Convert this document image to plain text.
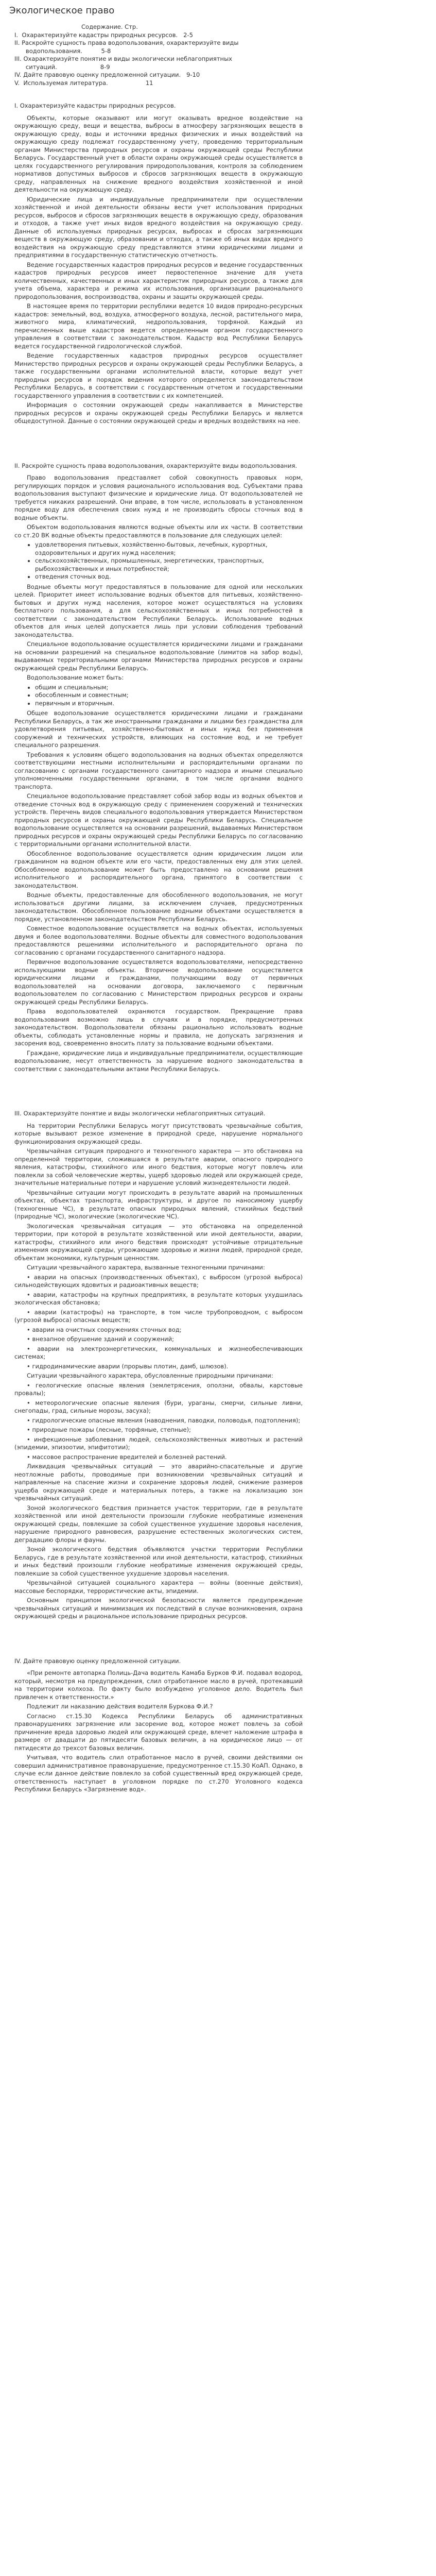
Экологическое право
Содержание. Стр.
I.  Охарактеризуйте кадастры природных ресурсов.   2-5
II. Раскройте сущность права водопользования, охарактеризуйте виды
водопользования.          5-8
III. Охарактеризуйте понятие и виды экологически неблагоприятных
ситуаций.                       8-9
IV. Дайте правовую оценку предложенной ситуации.   9-10
V.  Используемая литература.                    11
I. Охарактеризуйте кадастры природных ресурсов.

Объекты, которые оказывают или могут оказывать вредное воздействие на окружающую среду, вещи и вещества, выбросы в атмосферу загрязняющих веществ в окружающую среду, воды и источники вредных физических и иных воздействий на окружающую среду подлежат государственному учету, проведению территориальным органам Министерства природных ресурсов и охраны окружающей среды Республики Беларусь. Государственный учет в области охраны окружающей среды осуществляется в целях государственного регулирования природопользования, контроля за соблюдением нормативов допустимых выбросов и сбросов загрязняющих веществ в окружающую среду, направленных на снижение вредного воздействия хозяйственной и иной деятельности на окружающую среду.

Юридические лица и индивидуальные предприниматели при осуществлении хозяйственной и иной деятельности обязаны вести учет использования природных ресурсов, выбросов и сбросов загрязняющих веществ в окружающую среду, образования и отходов, а также учет иных видов вредного воздействия на окружающую среду. Данные об используемых природных ресурсах, выбросах и сбросах загрязняющих веществ в окружающую среду, образовании и отходах, а также об иных видах вредного воздействия на окружающую среду представляются этими юридическими лицами и предприятиями в государственную статистическую отчетность.

Ведение государственных кадастров природных ресурсов и ведение государственных кадастров природных ресурсов имеет первостепенное значение для учета количественных, качественных и иных характеристик природных ресурсов, а также для учета объема, характера и режима их использования, организации рационального природопользования, воспроизводства, охраны и защиты окружающей среды.

В настоящее время по территории республики ведется 10 видов природно-ресурсных кадастров: земельный, вод, воздуха, атмосферного воздуха, лесной, растительного мира, животного мира, климатический, недропользования, торфяной. Каждый из перечисленных выше кадастров ведется определенным органом государственного управления в соответствии с законодательством. Кадастр вод Республики Беларусь ведется государственной гидрологической службой.

Ведение государственных кадастров природных ресурсов осуществляет Министерство природных ресурсов и охраны окружающей среды Республики Беларусь, а также государственными органами исполнительной власти, которые ведут учет природных ресурсов и порядок ведения которого определяется законодательством Республики Беларусь, в соответствии с государственным отчетом и государственными государственного управления в соответствии с их компетенцией.

Информация о состоянии окружающей среды накапливается в Министерстве природных ресурсов и охраны окружающей среды Республики Беларусь и является общедоступной. Данные о состоянии окружающей среды и вредных воздействиях на нее.

II. Раскройте сущность права водопользования, охарактеризуйте виды водопользования.

Право водопользования представляет собой совокупность правовых норм, регулирующих порядок и условия рационального использования вод. Субъектами права водопользования выступают физические и юридические лица. От водопользователей не требуется никаких разрешений. Они вправе, в том числе, использовать в установленном порядке воду для обеспечения своих нужд и не производить сбросы сточных вод в водные объекты.

Объектом водопользования являются водные объекты или их части. В соответствии со ст.20 ВК водные объекты предоставляются в пользование для следующих целей:

• удовлетворения питьевых, хозяйственно-бытовых, лечебных, курортных, оздоровительных и других нужд населения;
• сельскохозяйственных, промышленных, энергетических, транспортных, рыбохозяйственных и иных потребностей;
• отведения сточных вод.

Водные объекты могут предоставляться в пользование для одной или нескольких целей. Приоритет имеет использование водных объектов для питьевых, хозяйственно-бытовых и других нужд населения, которое может осуществляться на условиях бесплатного пользования, а для сельскохозяйственных и иных потребностей в соответствии с законодательством Республики Беларусь. Использование водных объектов для иных целей допускается лишь при условии соблюдения требований законодательства.

Специальное водопользование осуществляется юридическими лицами и гражданами на основании разрешений на специальное водопользование (лимитов на забор воды), выдаваемых территориальными органами Министерства природных ресурсов и охраны окружающей среды Республики Беларусь.

Водопользование может быть:

• общим и специальным;
• обособленным и совместным;
• первичным и вторичным.

Общее водопользование осуществляется юридическими лицами и гражданами Республики Беларусь, а так же иностранными гражданами и лицами без гражданства для удовлетворения питьевых, хозяйственно-бытовых и иных нужд без применения сооружений и технических устройств, влияющих на состояние вод, и не требует специального разрешения.

Требования к условиям общего водопользования на водных объектах определяются соответствующими местными исполнительными и распорядительными органами по согласованию с органами государственного санитарного надзора и иными специально уполномоченными государственными органами, в том числе органами водного транспорта.

Специальное водопользование представляет собой забор воды из водных объектов и отведение сточных вод в окружающую среду с применением сооружений и технических устройств. Перечень видов специального водопользования утверждается Министерством природных ресурсов и охраны окружающей среды Республики Беларусь. Специальное водопользование осуществляется на основании разрешений, выдаваемых Министерством природных ресурсов и охраны окружающей среды Республики Беларусь по согласованию с территориальными органами исполнительной власти.

Обособленное водопользование осуществляется одним юридическим лицом или гражданином на водном объекте или его части, предоставленных ему для этих целей. Обособленное водопользование может быть предоставлено на основании решения исполнительного и распорядительного органа, принятого в соответствии с законодательством.

Водные объекты, предоставленные для обособленного водопользования, не могут использоваться другими лицами, за исключением случаев, предусмотренных законодательством. Обособленное пользование водными объектами осуществляется в порядке, установленном законодательством Республики Беларусь.

Совместное водопользование осуществляется на водных объектах, используемых двумя и более водопользователями. Водные объекты для совместного водопользования предоставляются решениями исполнительного и распорядительного органа по согласованию с органами государственного санитарного надзора.

Первичное водопользование осуществляется водопользователями, непосредственно использующими водные объекты. Вторичное водопользование осуществляется юридическими лицами и гражданами, получающими воду от первичных водопользователей на основании договора, заключаемого с первичным водопользователем по согласованию с Министерством природных ресурсов и охраны окружающей среды Республики Беларусь.

Права водопользователей охраняются государством. Прекращение права водопользования возможно лишь в случаях и в порядке, предусмотренных законодательством. Водопользователи обязаны рационально использовать водные объекты, соблюдать установленные нормы и правила, не допускать загрязнения и засорения вод, своевременно вносить плату за пользование водными объектами.

Граждане, юридические лица и индивидуальные предприниматели, осуществляющие водопользование, несут ответственность за нарушение водного законодательства в соответствии с законодательными актами Республики Беларусь.

III. Охарактеризуйте понятие и виды экологически неблагоприятных ситуаций.

На территории Республики Беларусь могут присутствовать чрезвычайные события, которые вызывают резкое изменение в природной среде, нарушение нормального функционирования окружающей среды.

Чрезвычайная ситуация природного и техногенного характера — это обстановка на определенной территории, сложившаяся в результате аварии, опасного природного явления, катастрофы, стихийного или иного бедствия, которые могут повлечь или повлекли за собой человеческие жертвы, ущерб здоровью людей или окружающей среде, значительные материальные потери и нарушение условий жизнедеятельности людей.

Чрезвычайные ситуации могут происходить в результате аварий на промышленных объектах, объектах транспорта, инфраструктуры, и другое по наносимому ущербу (техногенные ЧС), в результате опасных природных явлений, стихийных бедствий (природные ЧС), экологические (экологические ЧС).

Экологическая чрезвычайная ситуация — это обстановка на определенной территории, при которой в результате хозяйственной или иной деятельности, аварии, катастрофы, стихийного или иного бедствия происходят устойчивые отрицательные изменения окружающей среды, угрожающие здоровью и жизни людей, природной среде, объектам экономики, культурным ценностям.

Ситуации чрезвычайного характера, вызванные техногенными причинами:

• аварии на опасных (производственных объектах), с выбросом (угрозой выброса) сильнодействующих ядовитых и радиоактивных веществ;

• аварии, катастрофы на крупных предприятиях, в результате которых ухудшилась экологическая обстановка;

• аварии (катастрофы) на транспорте, в том числе трубопроводном, с выбросом (угрозой выброса) опасных веществ;

• аварии на очистных сооружениях сточных вод;

• внезапное обрушение зданий и сооружений;

• аварии на электроэнергетических, коммунальных и жизнеобеспечивающих системах;

• гидродинамические аварии (прорывы плотин, дамб, шлюзов).

Ситуации чрезвычайного характера, обусловленные природными причинами:

• геологические опасные явления (землетрясения, оползни, обвалы, карстовые провалы);

• метеорологические опасные явления (бури, ураганы, смерчи, сильные ливни, снегопады, град, сильные морозы, засуха);

• гидрологические опасные явления (наводнения, паводки, половодья, подтопления);

• природные пожары (лесные, торфяные, степные);

• инфекционные заболевания людей, сельскохозяйственных животных и растений (эпидемии, эпизоотии, эпифитотии);

• массовое распространение вредителей и болезней растений.

Ликвидация чрезвычайных ситуаций — это аварийно-спасательные и другие неотложные работы, проводимые при возникновении чрезвычайных ситуаций и направленные на спасение жизни и сохранение здоровья людей, снижение размеров ущерба окружающей среде и материальных потерь, а также на локализацию зон чрезвычайных ситуаций.

Зоной экологического бедствия признается участок территории, где в результате хозяйственной или иной деятельности произошли глубокие необратимые изменения окружающей среды, повлекшие за собой существенное ухудшение здоровья населения, нарушение природного равновесия, разрушение естественных экологических систем, деградацию флоры и фауны.

Зоной экологического бедствия объявляются участки территории Республики Беларусь, где в результате хозяйственной или иной деятельности, катастроф, стихийных и иных бедствий произошли глубокие необратимые изменения окружающей среды, повлекшие за собой существенное ухудшение здоровья населения.

Чрезвычайной ситуацией социального характера — войны (военные действия), массовые беспорядки, террористические акты, эпидемии.

Основным принципом экологической безопасности является предупреждение чрезвычайных ситуаций и минимизация их последствий в случае возникновения, охрана окружающей среды и рациональное использование природных ресурсов.

IV. Дайте правовую оценку предложенной ситуации.

«При ремонте автопарка Полиць-Дача водитель Камаба Бурков Ф.И. подавал водород, который, несмотря на предупреждения, слил отработанное масло в ручей, протекавший на территории колхоза. По факту было возбуждено уголовное дело. Водитель был привлечен к ответственности.»

Подлежит ли наказанию действия водителя Буркова Ф.И.?

Согласно ст.15.30 Кодекса Республики Беларусь об административных правонарушениях загрязнение или засорение вод, которое может повлечь за собой причинение вреда здоровью людей или окружающей среде, влечет наложение штрафа в размере от двадцати до пятидесяти базовых величин, а на юридическое лицо — от пятидесяти до трехсот базовых величин.

Учитывая, что водитель слил отработанное масло в ручей, своими действиями он совершил административное правонарушение, предусмотренное ст.15.30 КоАП. Однако, в случае если данное действие повлекло за собой существенный вред окружающей среде, ответственность наступает в уголовном порядке по ст.270 Уголовного кодекса Республики Беларусь «Загрязнение вод».
